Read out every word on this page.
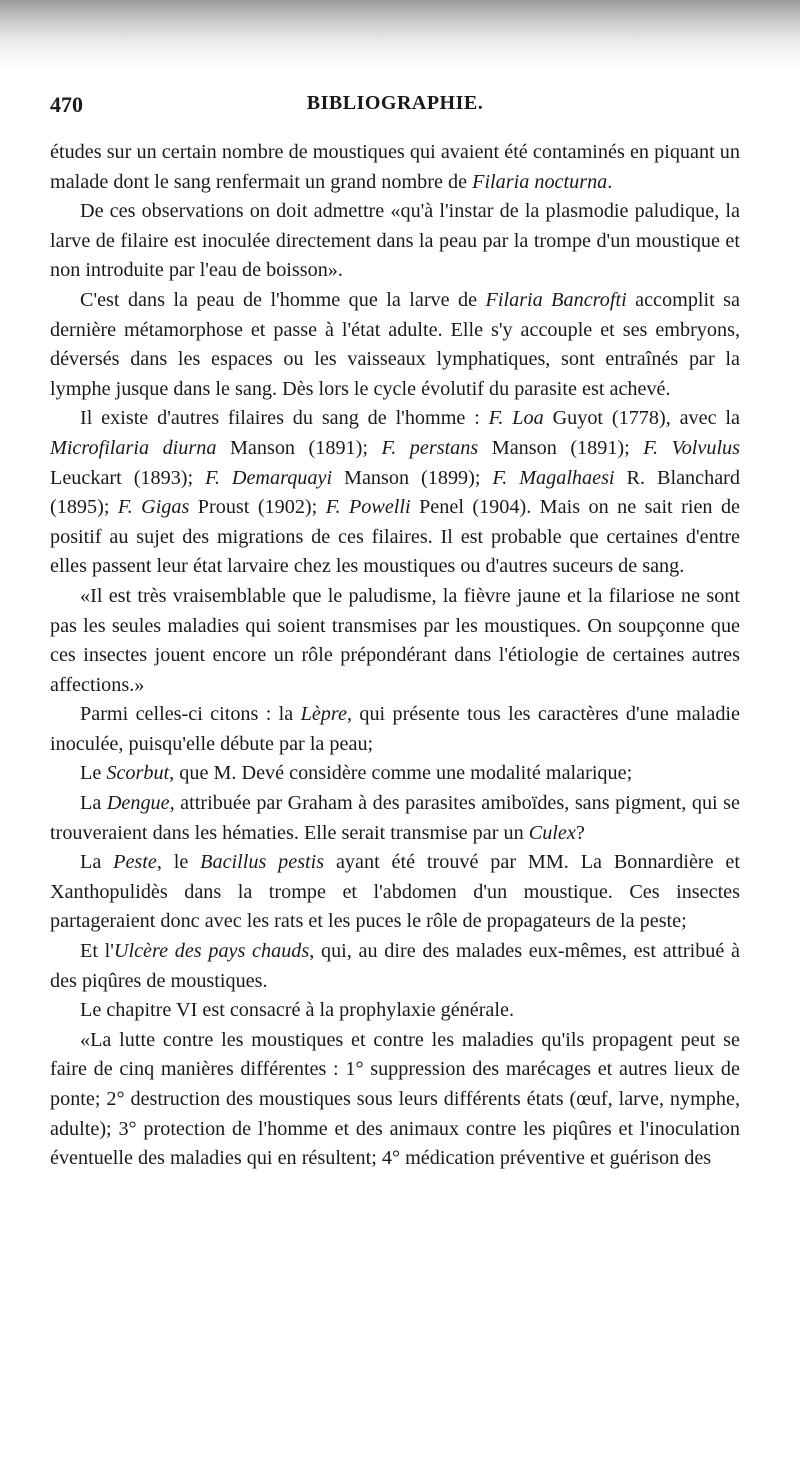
470	BIBLIOGRAPHIE.

études sur un certain nombre de moustiques qui avaient été contaminés en piquant un malade dont le sang renfermait un grand nombre de Filaria nocturna.

De ces observations on doit admettre «qu'à l'instar de la plasmodie paludique, la larve de filaire est inoculée directement dans la peau par la trompe d'un moustique et non introduite par l'eau de boisson».

C'est dans la peau de l'homme que la larve de Filaria Bancrofti accomplit sa dernière métamorphose et passe à l'état adulte. Elle s'y accouple et ses embryons, déversés dans les espaces ou les vaisseaux lymphatiques, sont entraînés par la lymphe jusque dans le sang. Dès lors le cycle évolutif du parasite est achevé.

Il existe d'autres filaires du sang de l'homme : F. Loa Guyot (1778), avec la Microfilaria diurna Manson (1891); F. perstans Manson (1891); F. Volvulus Leuckart (1893); F. Demarquayi Manson (1899); F. Magalhaesi R. Blanchard (1895); F. Gigas Proust (1902); F. Powelli Penel (1904). Mais on ne sait rien de positif au sujet des migrations de ces filaires. Il est probable que certaines d'entre elles passent leur état larvaire chez les moustiques ou d'autres suceurs de sang.

«Il est très vraisemblable que le paludisme, la fièvre jaune et la filariose ne sont pas les seules maladies qui soient transmises par les moustiques. On soupçonne que ces insectes jouent encore un rôle prépondérant dans l'étiologie de certaines autres affections.»

Parmi celles-ci citons : la Lèpre, qui présente tous les caractères d'une maladie inoculée, puisqu'elle débute par la peau;

Le Scorbut, que M. Devé considère comme une modalité malarique;

La Dengue, attribuée par Graham à des parasites amiboïdes, sans pigment, qui se trouveraient dans les hématies. Elle serait transmise par un Culex?

La Peste, le Bacillus pestis ayant été trouvé par MM. La Bonnardière et Xanthopulidès dans la trompe et l'abdomen d'un moustique. Ces insectes partageraient donc avec les rats et les puces le rôle de propagateurs de la peste;

Et l'Ulcère des pays chauds, qui, au dire des malades eux-mêmes, est attribué à des piqûres de moustiques.

Le chapitre VI est consacré à la prophylaxie générale.

«La lutte contre les moustiques et contre les maladies qu'ils propagent peut se faire de cinq manières différentes : 1° suppression des marécages et autres lieux de ponte; 2° destruction des moustiques sous leurs différents états (œuf, larve, nymphe, adulte); 3° protection de l'homme et des animaux contre les piqûres et l'inoculation éventuelle des maladies qui en résultent; 4° médication préventive et guérison des
